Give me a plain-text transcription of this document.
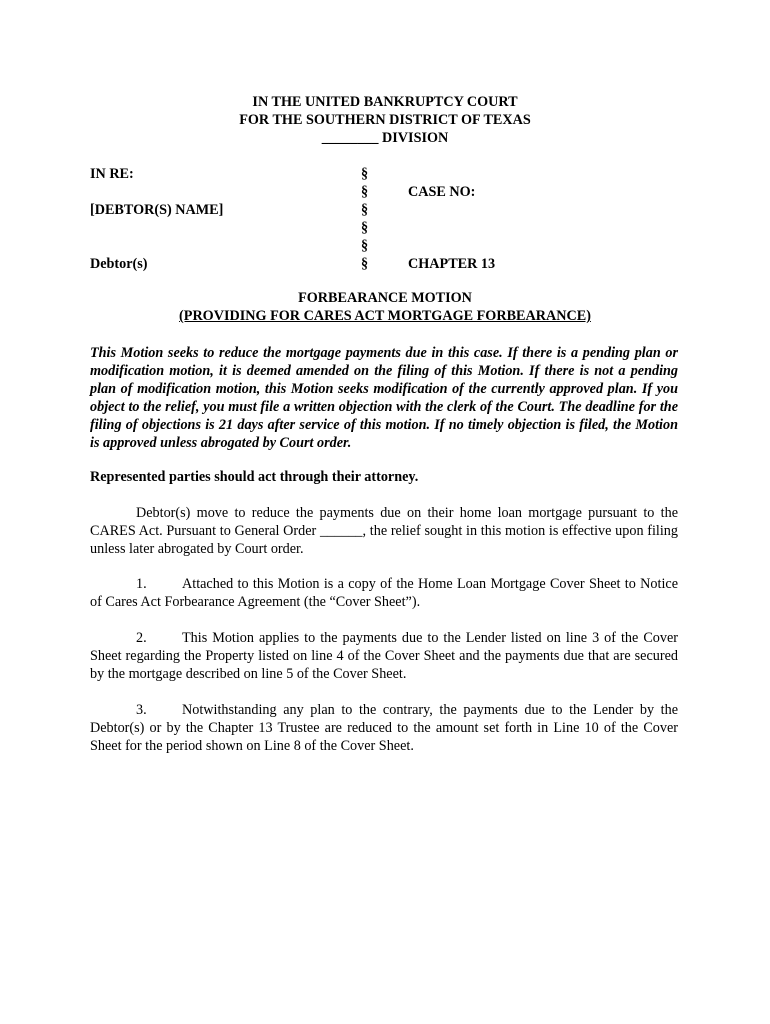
IN THE UNITED BANKRUPTCY COURT
FOR THE SOUTHERN DISTRICT OF TEXAS
________ DIVISION
IN RE:
[DEBTOR(S) NAME]
Debtor(s)
§
§
§
§
§
§
CASE NO:
CHAPTER 13
FORBEARANCE MOTION
(PROVIDING FOR CARES ACT MORTGAGE FORBEARANCE)
This Motion seeks to reduce the mortgage payments due in this case. If there is a pending plan or modification motion, it is deemed amended on the filing of this Motion. If there is not a pending plan of modification motion, this Motion seeks modification of the currently approved plan. If you object to the relief, you must file a written objection with the clerk of the Court. The deadline for the filing of objections is 21 days after service of this motion. If no timely objection is filed, the Motion is approved unless abrogated by Court order.
Represented parties should act through their attorney.
Debtor(s) move to reduce the payments due on their home loan mortgage pursuant to the CARES Act. Pursuant to General Order ______, the relief sought in this motion is effective upon filing unless later abrogated by Court order.
1. Attached to this Motion is a copy of the Home Loan Mortgage Cover Sheet to Notice of Cares Act Forbearance Agreement (the “Cover Sheet”).
2. This Motion applies to the payments due to the Lender listed on line 3 of the Cover Sheet regarding the Property listed on line 4 of the Cover Sheet and the payments due that are secured by the mortgage described on line 5 of the Cover Sheet.
3. Notwithstanding any plan to the contrary, the payments due to the Lender by the Debtor(s) or by the Chapter 13 Trustee are reduced to the amount set forth in Line 10 of the Cover Sheet for the period shown on Line 8 of the Cover Sheet.
